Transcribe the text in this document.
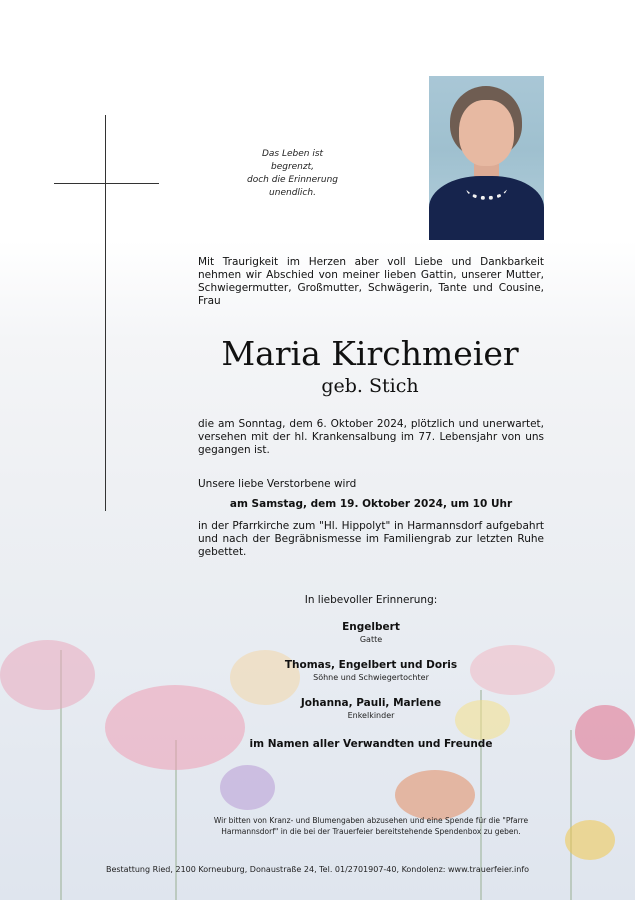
Das Leben ist
begrenzt,
doch die Erinnerung
unendlich.
Mit Traurigkeit im Herzen aber voll Liebe und Dankbarkeit nehmen wir Abschied von meiner lieben Gattin, unserer Mutter, Schwiegermutter, Großmutter, Schwägerin, Tante und Cousine, Frau
Maria Kirchmeier
geb. Stich
die am Sonntag, dem 6. Oktober 2024, plötzlich und unerwartet, versehen mit der hl. Krankensalbung im 77. Lebensjahr von uns gegangen ist.
Unsere liebe Verstorbene wird
am Samstag, dem 19. Oktober 2024, um 10 Uhr
in der Pfarrkirche zum "Hl. Hippolyt" in Harmannsdorf aufgebahrt und nach der Begräbnismesse im Familiengrab zur letzten Ruhe gebettet.
In liebevoller Erinnerung:
Engelbert
Gatte
Thomas, Engelbert und Doris
Söhne und Schwiegertochter
Johanna, Pauli, Marlene
Enkelkinder
im Namen aller Verwandten und Freunde
Wir bitten von Kranz- und Blumengaben abzusehen und eine Spende für die "Pfarre Harmannsdorf" in die bei der Trauerfeier bereitstehende Spendenbox zu geben.
Bestattung Ried, 2100 Korneuburg, Donaustraße 24, Tel. 01/2701907-40, Kondolenz: www.trauerfeier.info
